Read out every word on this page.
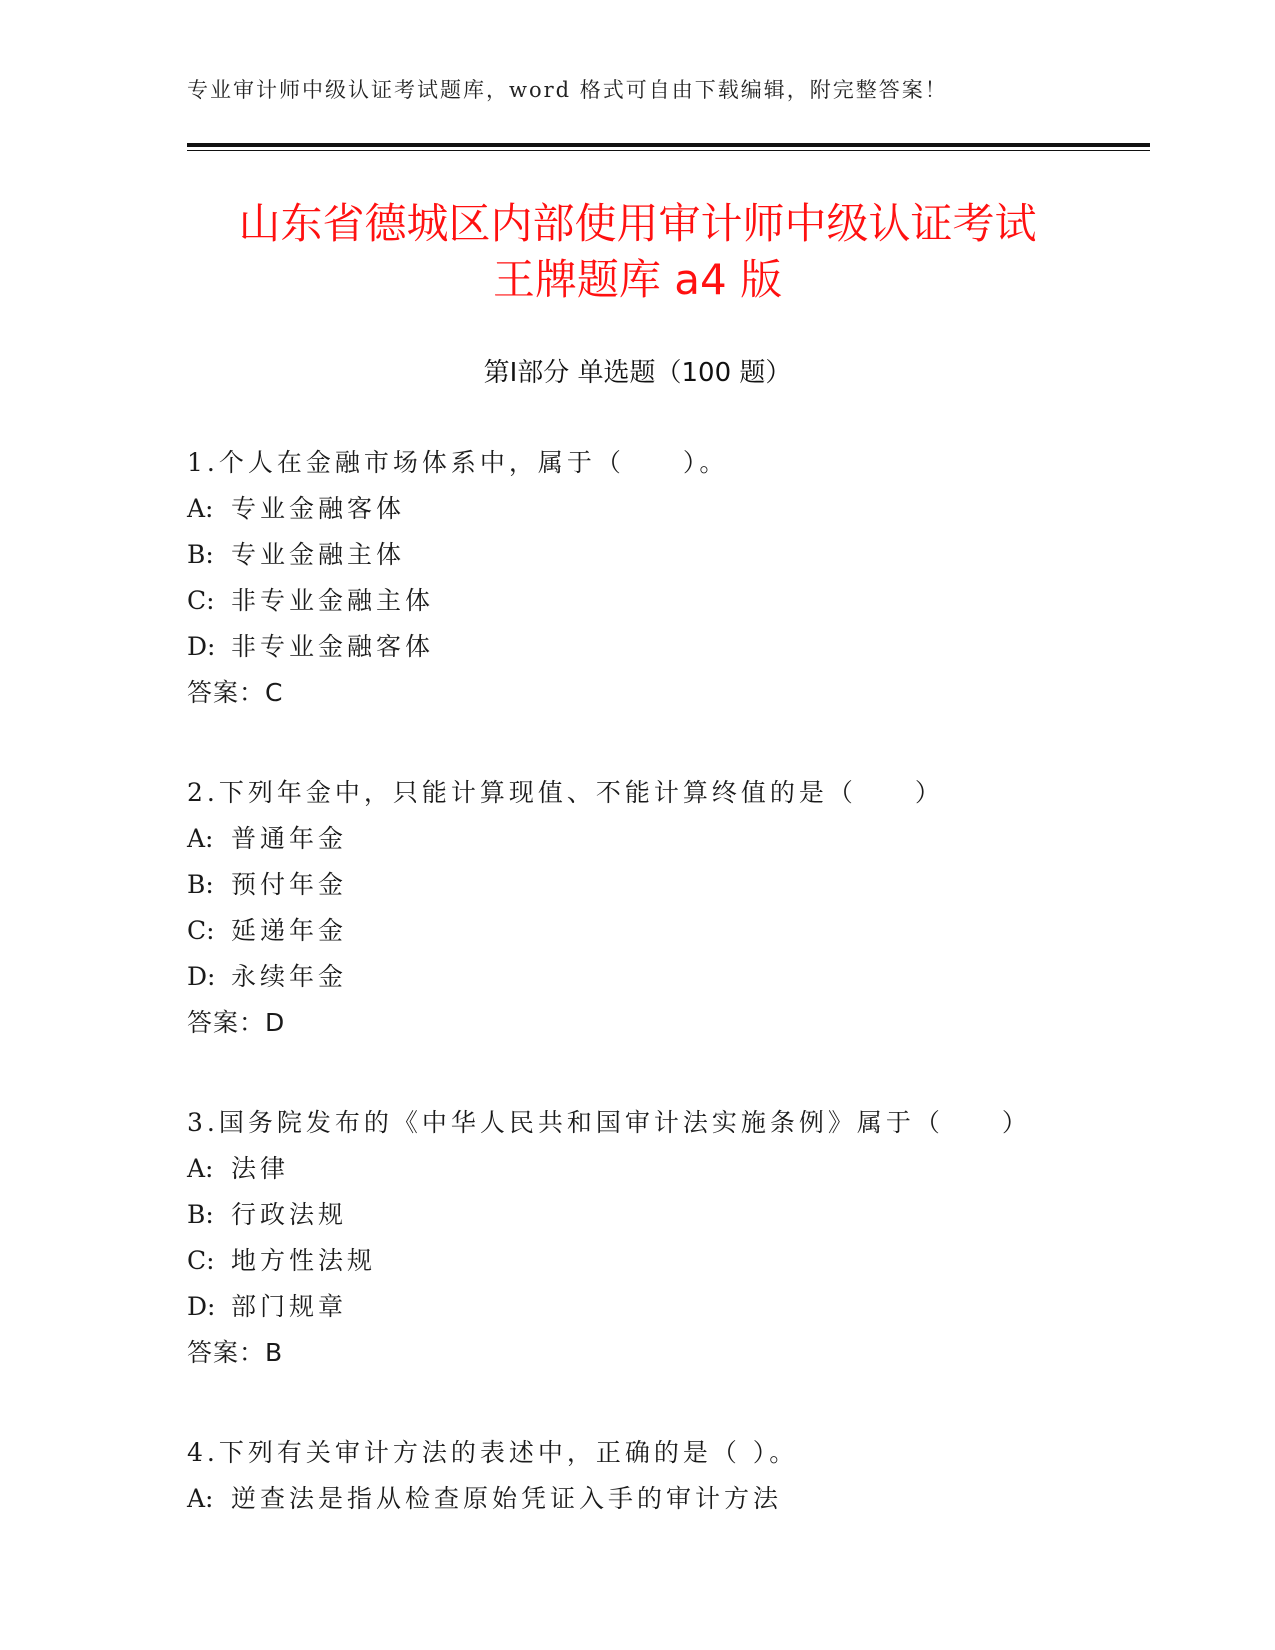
专业审计师中级认证考试题库，word 格式可自由下载编辑，附完整答案！
山东省德城区内部使用审计师中级认证考试
王牌题库 a4 版
第Ⅰ部分 单选题（100 题）
1.个人在金融市场体系中，属于（　　）。
A: 专业金融客体
B: 专业金融主体
C: 非专业金融主体
D: 非专业金融客体
答案：C
2.下列年金中，只能计算现值、不能计算终值的是（　　）
A: 普通年金
B: 预付年金
C: 延递年金
D: 永续年金
答案：D
3.国务院发布的《中华人民共和国审计法实施条例》属于（　　）
A: 法律
B: 行政法规
C: 地方性法规
D: 部门规章
答案：B
4.下列有关审计方法的表述中，正确的是（ ）。
A: 逆查法是指从检查原始凭证入手的审计方法
